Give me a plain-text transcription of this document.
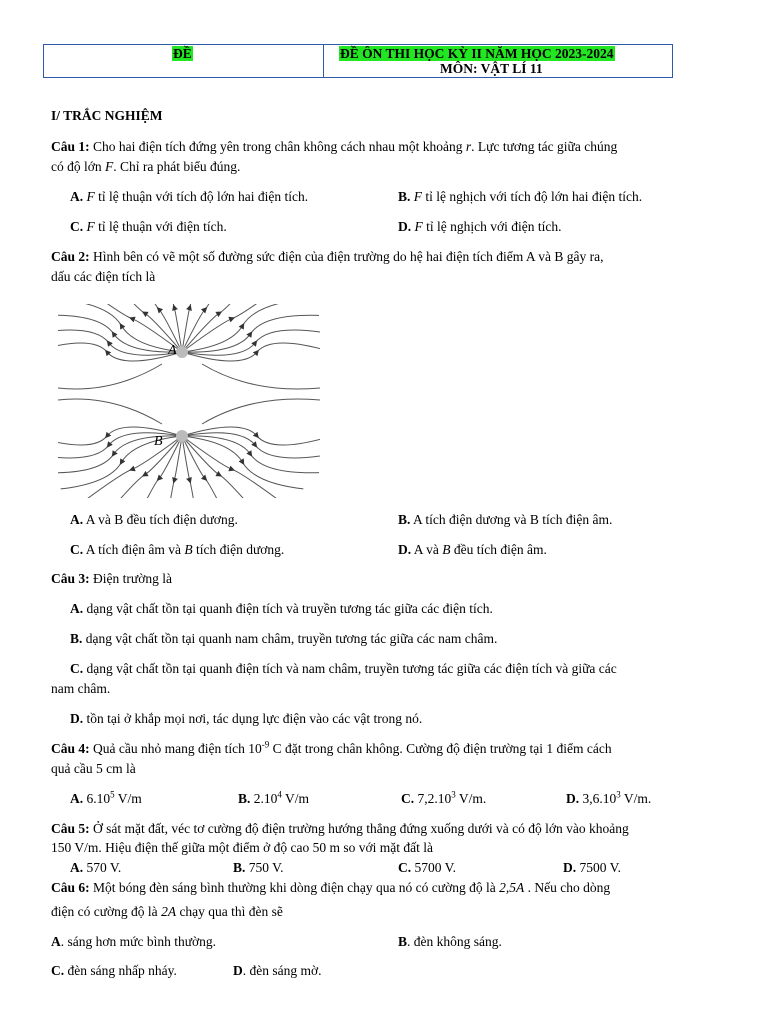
ĐỀ	ĐỀ ÔN THI HỌC KỲ II NĂM HỌC 2023-2024
MÔN: VẬT LÍ 11
I/ TRẮC NGHIỆM
Câu 1: Cho hai điện tích đứng yên trong chân không cách nhau một khoảng r. Lực tương tác giữa chúng
có độ lớn F. Chỉ ra phát biểu đúng.
A. F tỉ lệ thuận với tích độ lớn hai điện tích.	B. F tỉ lệ nghịch với tích độ lớn hai điện tích.
C. F tỉ lệ thuận với điện tích.	D. F tỉ lệ nghịch với điện tích.
Câu 2: Hình bên có vẽ một số đường sức điện của điện trường do hệ hai điện tích điểm A và B gây ra,
dấu các điện tích là
A
B
A. A và B đều tích điện dương.	B. A tích điện dương và B tích điện âm.
C. A tích điện âm và B tích điện dương.	D. A và B đều tích điện âm.
Câu 3: Điện trường là
A. dạng vật chất tồn tại quanh điện tích và truyền tương tác giữa các điện tích.
B. dạng vật chất tồn tại quanh nam châm, truyền tương tác giữa các nam châm.
C. dạng vật chất tồn tại quanh điện tích và nam châm, truyền tương tác giữa các điện tích và giữa các
nam châm.
D. tồn tại ở khắp mọi nơi, tác dụng lực điện vào các vật trong nó.
Câu 4: Quả cầu nhỏ mang điện tích $10^{-9}$ C đặt trong chân không. Cường độ điện trường tại 1 điểm cách
quả cầu 5 cm là
A. 6.10$^5$ V/m	B. 2.10$^4$ V/m	C. 7,2.10$^3$ V/m.	D. 3,6.10$^3$ V/m.
Câu 5: Ở sát mặt đất, véc tơ cường độ điện trường hướng thẳng đứng xuống dưới và có độ lớn vào khoảng
150 V/m. Hiệu điện thế giữa một điểm ở độ cao 50 m so với mặt đất là
A. 570 V.	B. 750 V.	C. 5700 V.	D. 7500 V.
Câu 6: Một bóng đèn sáng bình thường khi dòng điện chạy qua nó có cường độ là 2,5A . Nếu cho dòng
điện có cường độ là 2A chạy qua thì đèn sẽ
A. sáng hơn mức bình thường.	B. đèn không sáng.
C. đèn sáng nhấp nháy.	D. đèn sáng mờ.
